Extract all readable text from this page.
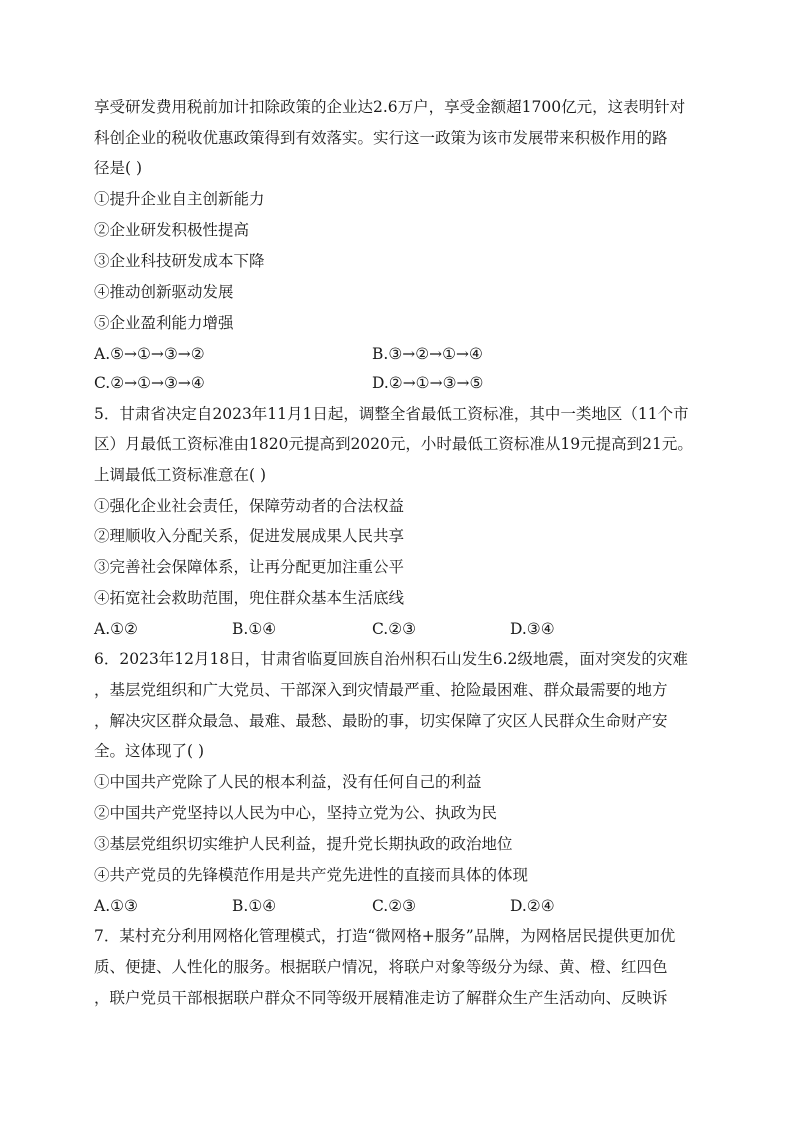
享受研发费用税前加计扣除政策的企业达2.6万户，享受金额超1700亿元，这表明针对
科创企业的税收优惠政策得到有效落实。实行这一政策为该市发展带来积极作用的路
径是( )
①提升企业自主创新能力
②企业研发积极性提高
③企业科技研发成本下降
④推动创新驱动发展
⑤企业盈利能力增强
A.⑤→①→③→②	B.③→②→①→④
C.②→①→③→④	D.②→①→③→⑤
5．甘肃省决定自2023年11月1日起，调整全省最低工资标准，其中一类地区（11个市
区）月最低工资标准由1820元提高到2020元，小时最低工资标准从19元提高到21元。
上调最低工资标准意在( )
①强化企业社会责任，保障劳动者的合法权益
②理顺收入分配关系，促进发展成果人民共享
③完善社会保障体系，让再分配更加注重公平
④拓宽社会救助范围，兜住群众基本生活底线
A.①②	B.①④	C.②③	D.③④
6．2023年12月18日，甘肃省临夏回族自治州积石山发生6.2级地震，面对突发的灾难
，基层党组织和广大党员、干部深入到灾情最严重、抢险最困难、群众最需要的地方
，解决灾区群众最急、最难、最愁、最盼的事，切实保障了灾区人民群众生命财产安
全。这体现了( )
①中国共产党除了人民的根本利益，没有任何自己的利益
②中国共产党坚持以人民为中心，坚持立党为公、执政为民
③基层党组织切实维护人民利益，提升党长期执政的政治地位
④共产党员的先锋模范作用是共产党先进性的直接而具体的体现
A.①③	B.①④	C.②③	D.②④
7．某村充分利用网格化管理模式，打造“微网格+服务”品牌，为网格居民提供更加优
质、便捷、人性化的服务。根据联户情况，将联户对象等级分为绿、黄、橙、红四色
，联户党员干部根据联户群众不同等级开展精准走访了解群众生产生活动向、反映诉
